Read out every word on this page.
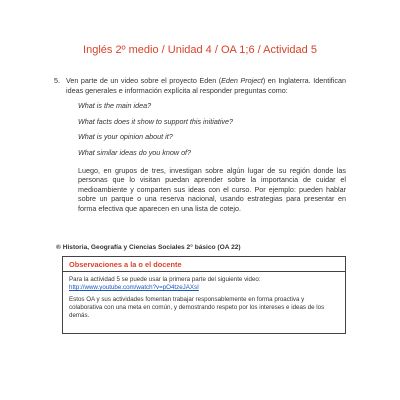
Inglés 2º medio / Unidad 4 / OA 1;6 / Actividad 5
5. Ven parte de un video sobre el proyecto Eden (Eden Project) en Inglaterra. Identifican ideas generales e información explícita al responder preguntas como:

What is the main idea?

What facts does it show to support this initiative?

What is your opinion about it?

What similar ideas do you know of?

Luego, en grupos de tres, investigan sobre algún lugar de su región donde las personas que lo visitan puedan aprender sobre la importancia de cuidar el medioambiente y comparten sus ideas con el curso. Por ejemplo: pueden hablar sobre un parque o una reserva nacional, usando estrategias para presentar en forma efectiva que aparecen en una lista de cotejo.

® Historia, Geografía y Ciencias Sociales 2° básico (OA 22)
Observaciones a la o el docente

Para la actividad 5 se puede usar la primera parte del siguiente video:
http://www.youtube.com/watch?v=pO4tzeJAXsI

Estos OA y sus actividades fomentan trabajar responsablemente en forma proactiva y colaborativa con una meta en común, y demostrando respeto por los intereses e ideas de los demás.
